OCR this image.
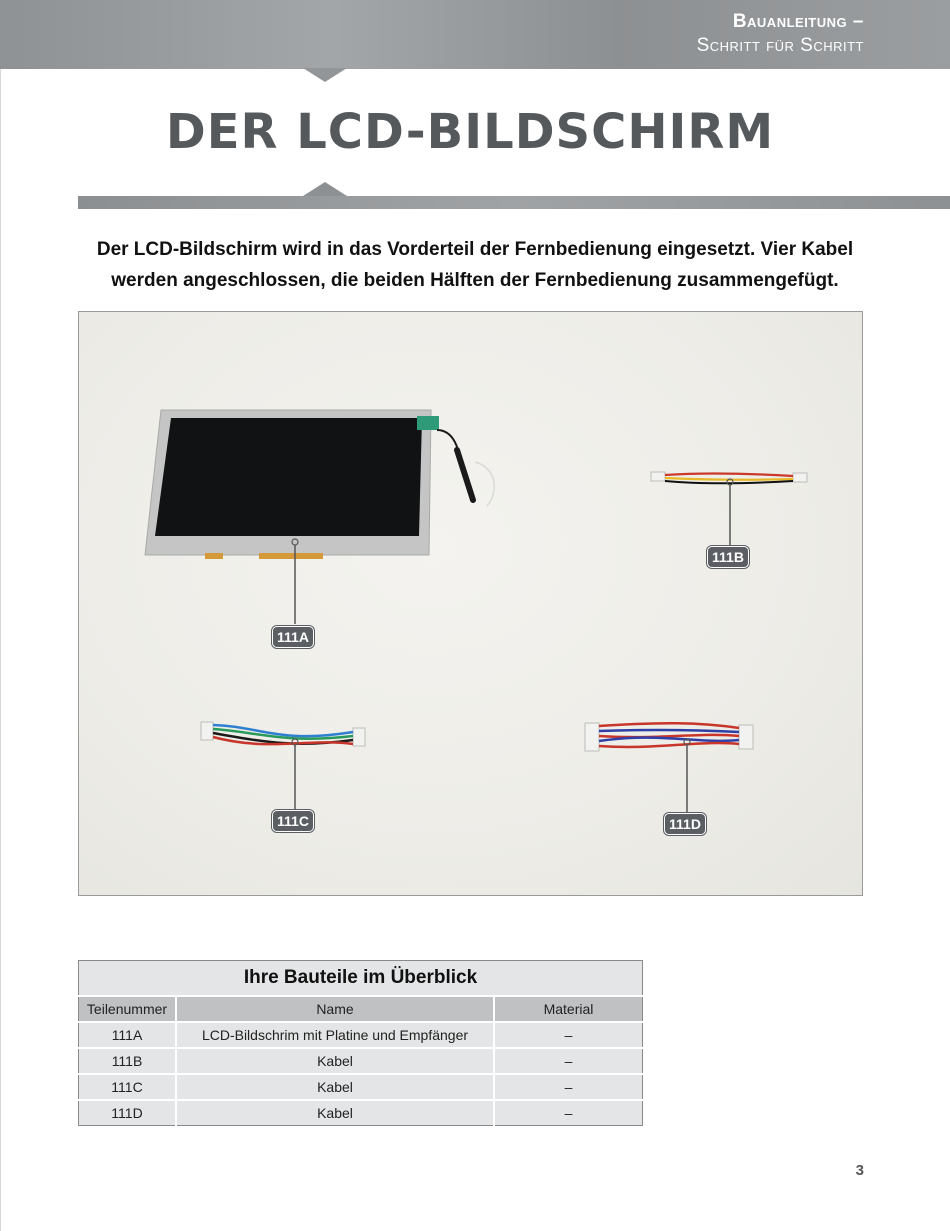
Bauanleitung –
Schritt für Schritt
DER LCD-BILDSCHIRM
Der LCD-Bildschirm wird in das Vorderteil der Fernbedienung eingesetzt. Vier Kabel
werden angeschlossen, die beiden Hälften der Fernbedienung zusammengefügt.
111A
111B
111C	111D
Ihre Bauteile im Überblick		
Teilenummer	Name	Material
111A	LCD-Bildschrim mit Platine und Empfänger	–
111B	Kabel	–
111C	Kabel	–
111D	Kabel	–
3
